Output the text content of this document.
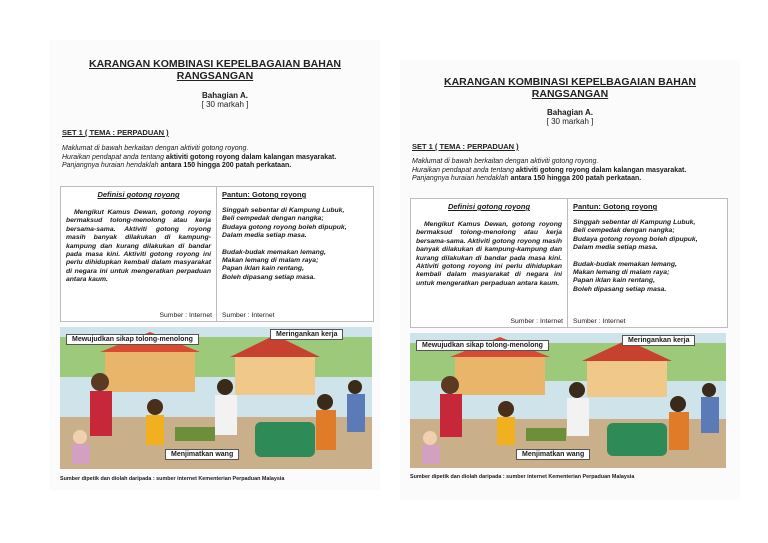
KARANGAN KOMBINASI KEPELBAGAIAN BAHAN
RANGSANGAN
Bahagian A.
[ 30 markah ]
SET 1 ( TEMA : PERPADUAN )
Maklumat di bawah berkaitan dengan aktiviti gotong royong.
Huraikan pendapat anda tentang aktiviti gotong royong dalam kalangan masyarakat.
Panjangnya huraian hendaklah antara 150 hingga 200 patah perkataan.
Definisi gotong royong
Mengikut Kamus Dewan, gotong royong bermaksud tolong-menolong atau kerja bersama-sama. Aktiviti gotong royong masih banyak dilakukan di kampung-kampung dan kurang dilakukan di bandar pada masa kini. Aktiviti gotong royong ini perlu dihidupkan kembali dalam masyarakat di negara ini untuk mengeratkan perpaduan antara kaum.
Sumber : Internet
Pantun: Gotong royong
Singgah sebentar di Kampung Lubuk,
Beli cempedak dengan nangka;
Budaya gotong royong boleh dipupuk,
Dalam media setiap masa.
Budak-budak memakan lemang,
Makan lemang di malam raya;
Papan iklan kain rentang,
Boleh dipasang setiap masa.
Sumber : Internet
Mewujudkan sikap tolong-menolong
Meringankan kerja
Menjimatkan wang
Sumber dipetik dan diolah daripada : sumber internet Kementerian Perpaduan Malaysia
KARANGAN KOMBINASI KEPELBAGAIAN BAHAN
RANGSANGAN
Bahagian A.
[ 30 markah ]
SET 1 ( TEMA : PERPADUAN )
Maklumat di bawah berkaitan dengan aktiviti gotong royong.
Huraikan pendapat anda tentang aktiviti gotong royong dalam kalangan masyarakat.
Panjangnya huraian hendaklah antara 150 hingga 200 patah perkataan.
Definisi gotong royong
Mengikut Kamus Dewan, gotong royong bermaksud tolong-menolong atau kerja bersama-sama. Aktiviti gotong royong masih banyak dilakukan di kampung-kampung dan kurang dilakukan di bandar pada masa kini. Aktiviti gotong royong ini perlu dihidupkan kembali dalam masyarakat di negara ini untuk mengeratkan perpaduan antara kaum.
Sumber : Internet
Pantun: Gotong royong
Singgah sebentar di Kampung Lubuk,
Beli cempedak dengan nangka;
Budaya gotong royong boleh dipupuk,
Dalam media setiap masa.
Budak-budak memakan lemang,
Makan lemang di malam raya;
Papan iklan kain rentang,
Boleh dipasang setiap masa.
Sumber : Internet
Mewujudkan sikap tolong-menolong
Meringankan kerja
Menjimatkan wang
Sumber dipetik dan diolah daripada : sumber internet Kementerian Perpaduan Malaysia
